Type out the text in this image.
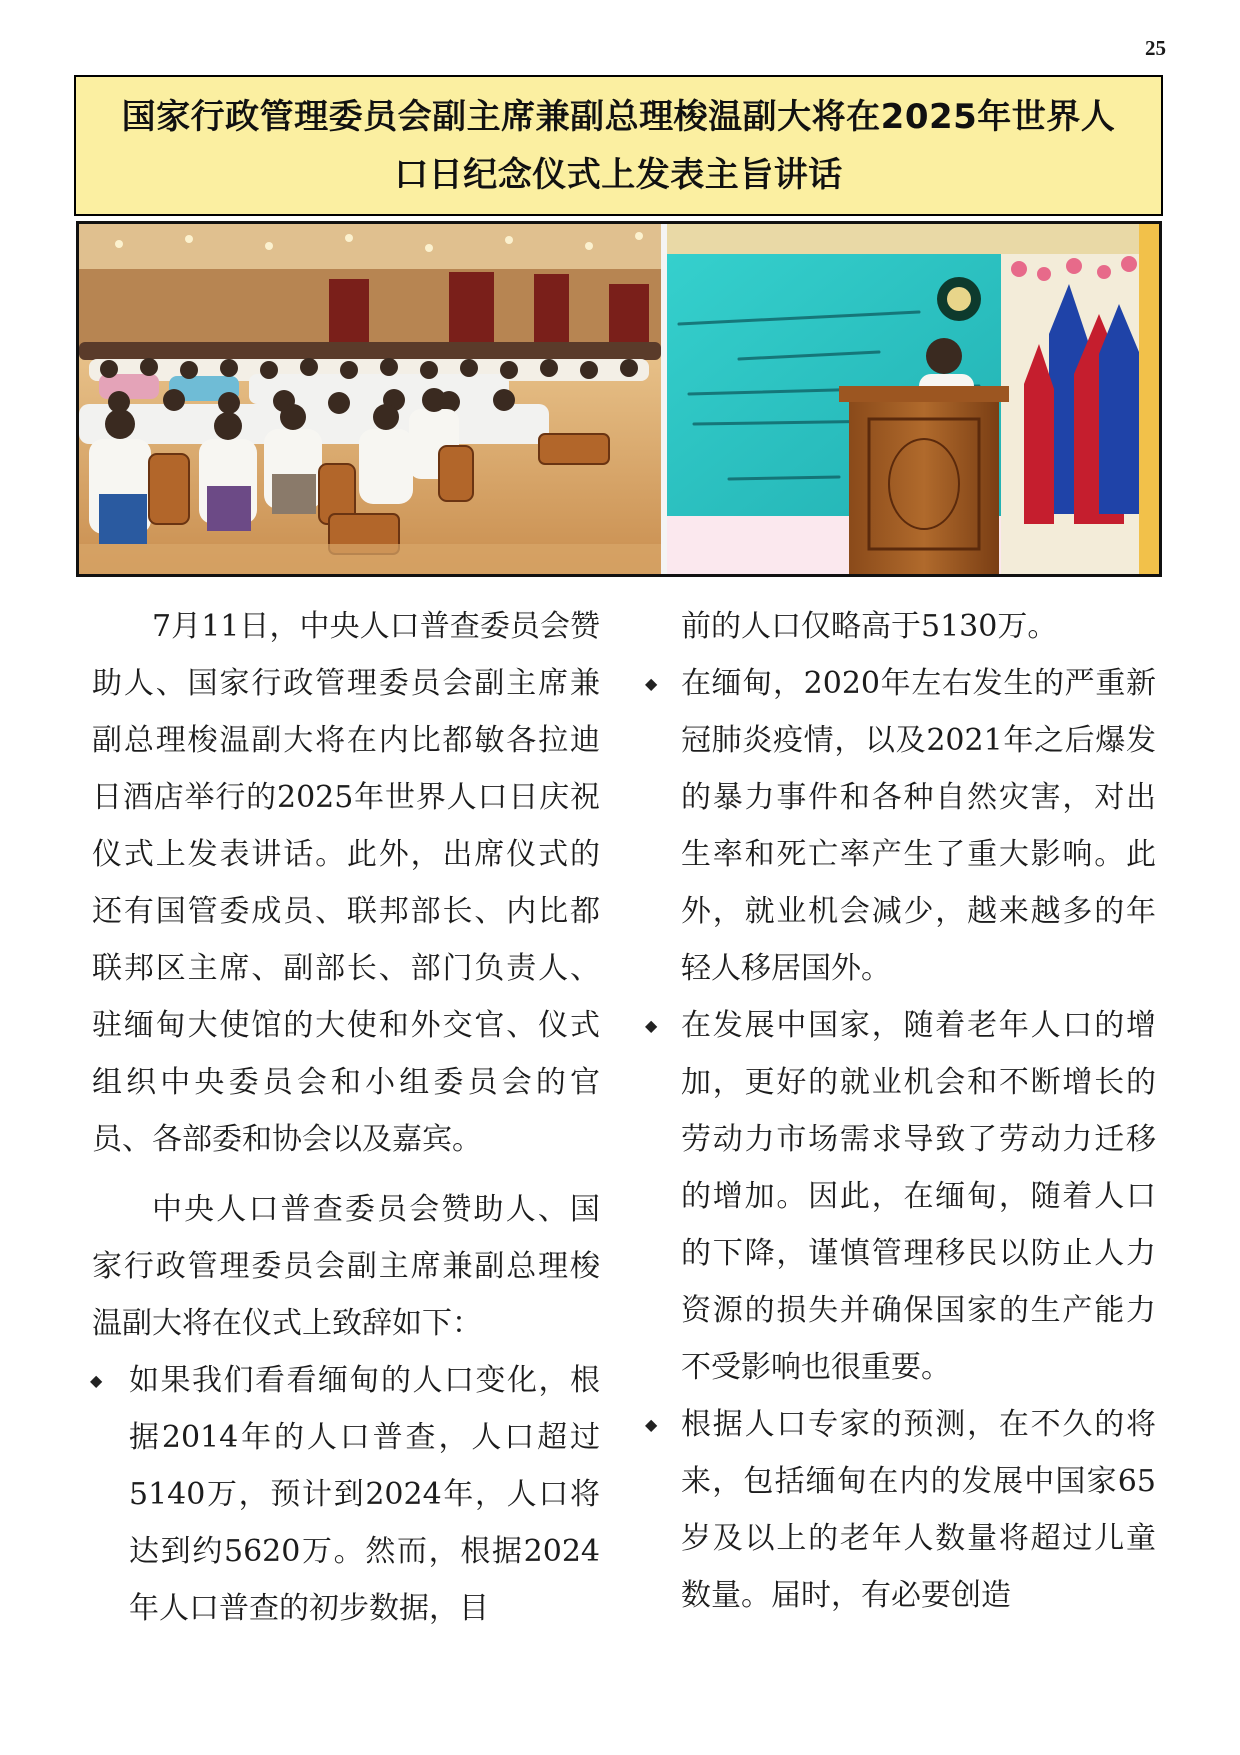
25
国家行政管理委员会副主席兼副总理梭温副大将在2025年世界人
口日纪念仪式上发表主旨讲话

7月11日，中央人口普查委员会赞助人、国家行政管理委员会副主席兼副总理梭温副大将在内比都敏各拉迪日酒店举行的2025年世界人口日庆祝仪式上发表讲话。此外，出席仪式的还有国管委成员、联邦部长、内比都联邦区主席、副部长、部门负责人、驻缅甸大使馆的大使和外交官、仪式组织中央委员会和小组委员会的官员、各部委和协会以及嘉宾。

中央人口普查委员会赞助人、国家行政管理委员会副主席兼副总理梭温副大将在仪式上致辞如下：

◆ 如果我们看看缅甸的人口变化，根据2014年的人口普查，人口超过5140万，预计到2024年，人口将达到约5620万。然而，根据2024年人口普查的初步数据，目

前的人口仅略高于5130万。

◆ 在缅甸，2020年左右发生的严重新冠肺炎疫情，以及2021年之后爆发的暴力事件和各种自然灾害，对出生率和死亡率产生了重大影响。此外，就业机会减少，越来越多的年轻人移居国外。

◆ 在发展中国家，随着老年人口的增加，更好的就业机会和不断增长的劳动力市场需求导致了劳动力迁移的增加。因此，在缅甸，随着人口的下降，谨慎管理移民以防止人力资源的损失并确保国家的生产能力不受影响也很重要。

◆ 根据人口专家的预测，在不久的将来，包括缅甸在内的发展中国家65岁及以上的老年人数量将超过儿童数量。届时，有必要创造
